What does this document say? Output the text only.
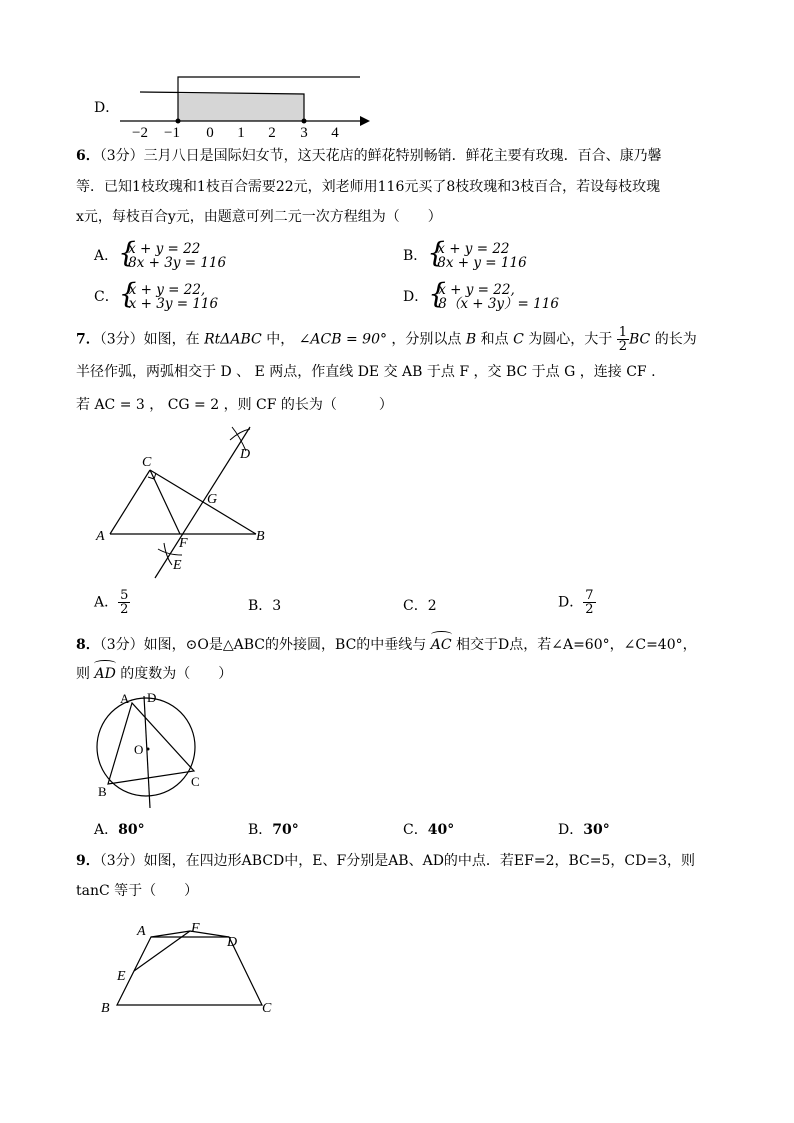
D．
−2 −1 0 1 2 3 4
6．（3分）三月八日是国际妇女节，这天花店的鲜花特别畅销．鲜花主要有玫瑰．百合、康乃馨
等．已知1枝玫瑰和1枝百合需要22元，刘老师用116元买了8枝玫瑰和3枝百合，若设每枝玫瑰
x元，每枝百合y元，由题意可列二元一次方程组为（　　）
A． {
x + y = 22
8x + 3y = 116	B． {
x + y = 22
8x + y = 116
C． {
x + y = 22,
x + 3y = 116	D． {
x + y = 22,
8（x + 3y）= 116
7．（3分）如图，在 RtΔABC 中， ∠ACB = 90° ，分别以点 B 和点 C 为圆心，大于 $\frac{1}{2}$ BC 的长为
半径作弧，两弧相交于 D 、 E 两点，作直线 DE 交 AB 于点 F ，交 BC 于点 G ，连接 CF .
若 AC = 3 ， CG = 2 ，则 CF 的长为（　　　）
A	B
C
D
E
F
G
A． $\frac{5}{2}$	B．3	C．2	D． $\frac{7}{2}$
8．（3分）如图，⊙O是△ABC的外接圆，BC的中垂线与
AC 相交于D点，若∠A=60°，∠C=40°，
则
AD 的度数为（　　）
A D
O
B
C
A．80°	B．70°	C．40°	D．30°
9．（3分）如图，在四边形ABCD中，E、F分别是AB、AD的中点．若EF=2，BC=5，CD=3，则
tanC 等于（　　）
A	F
D
E
B	C
